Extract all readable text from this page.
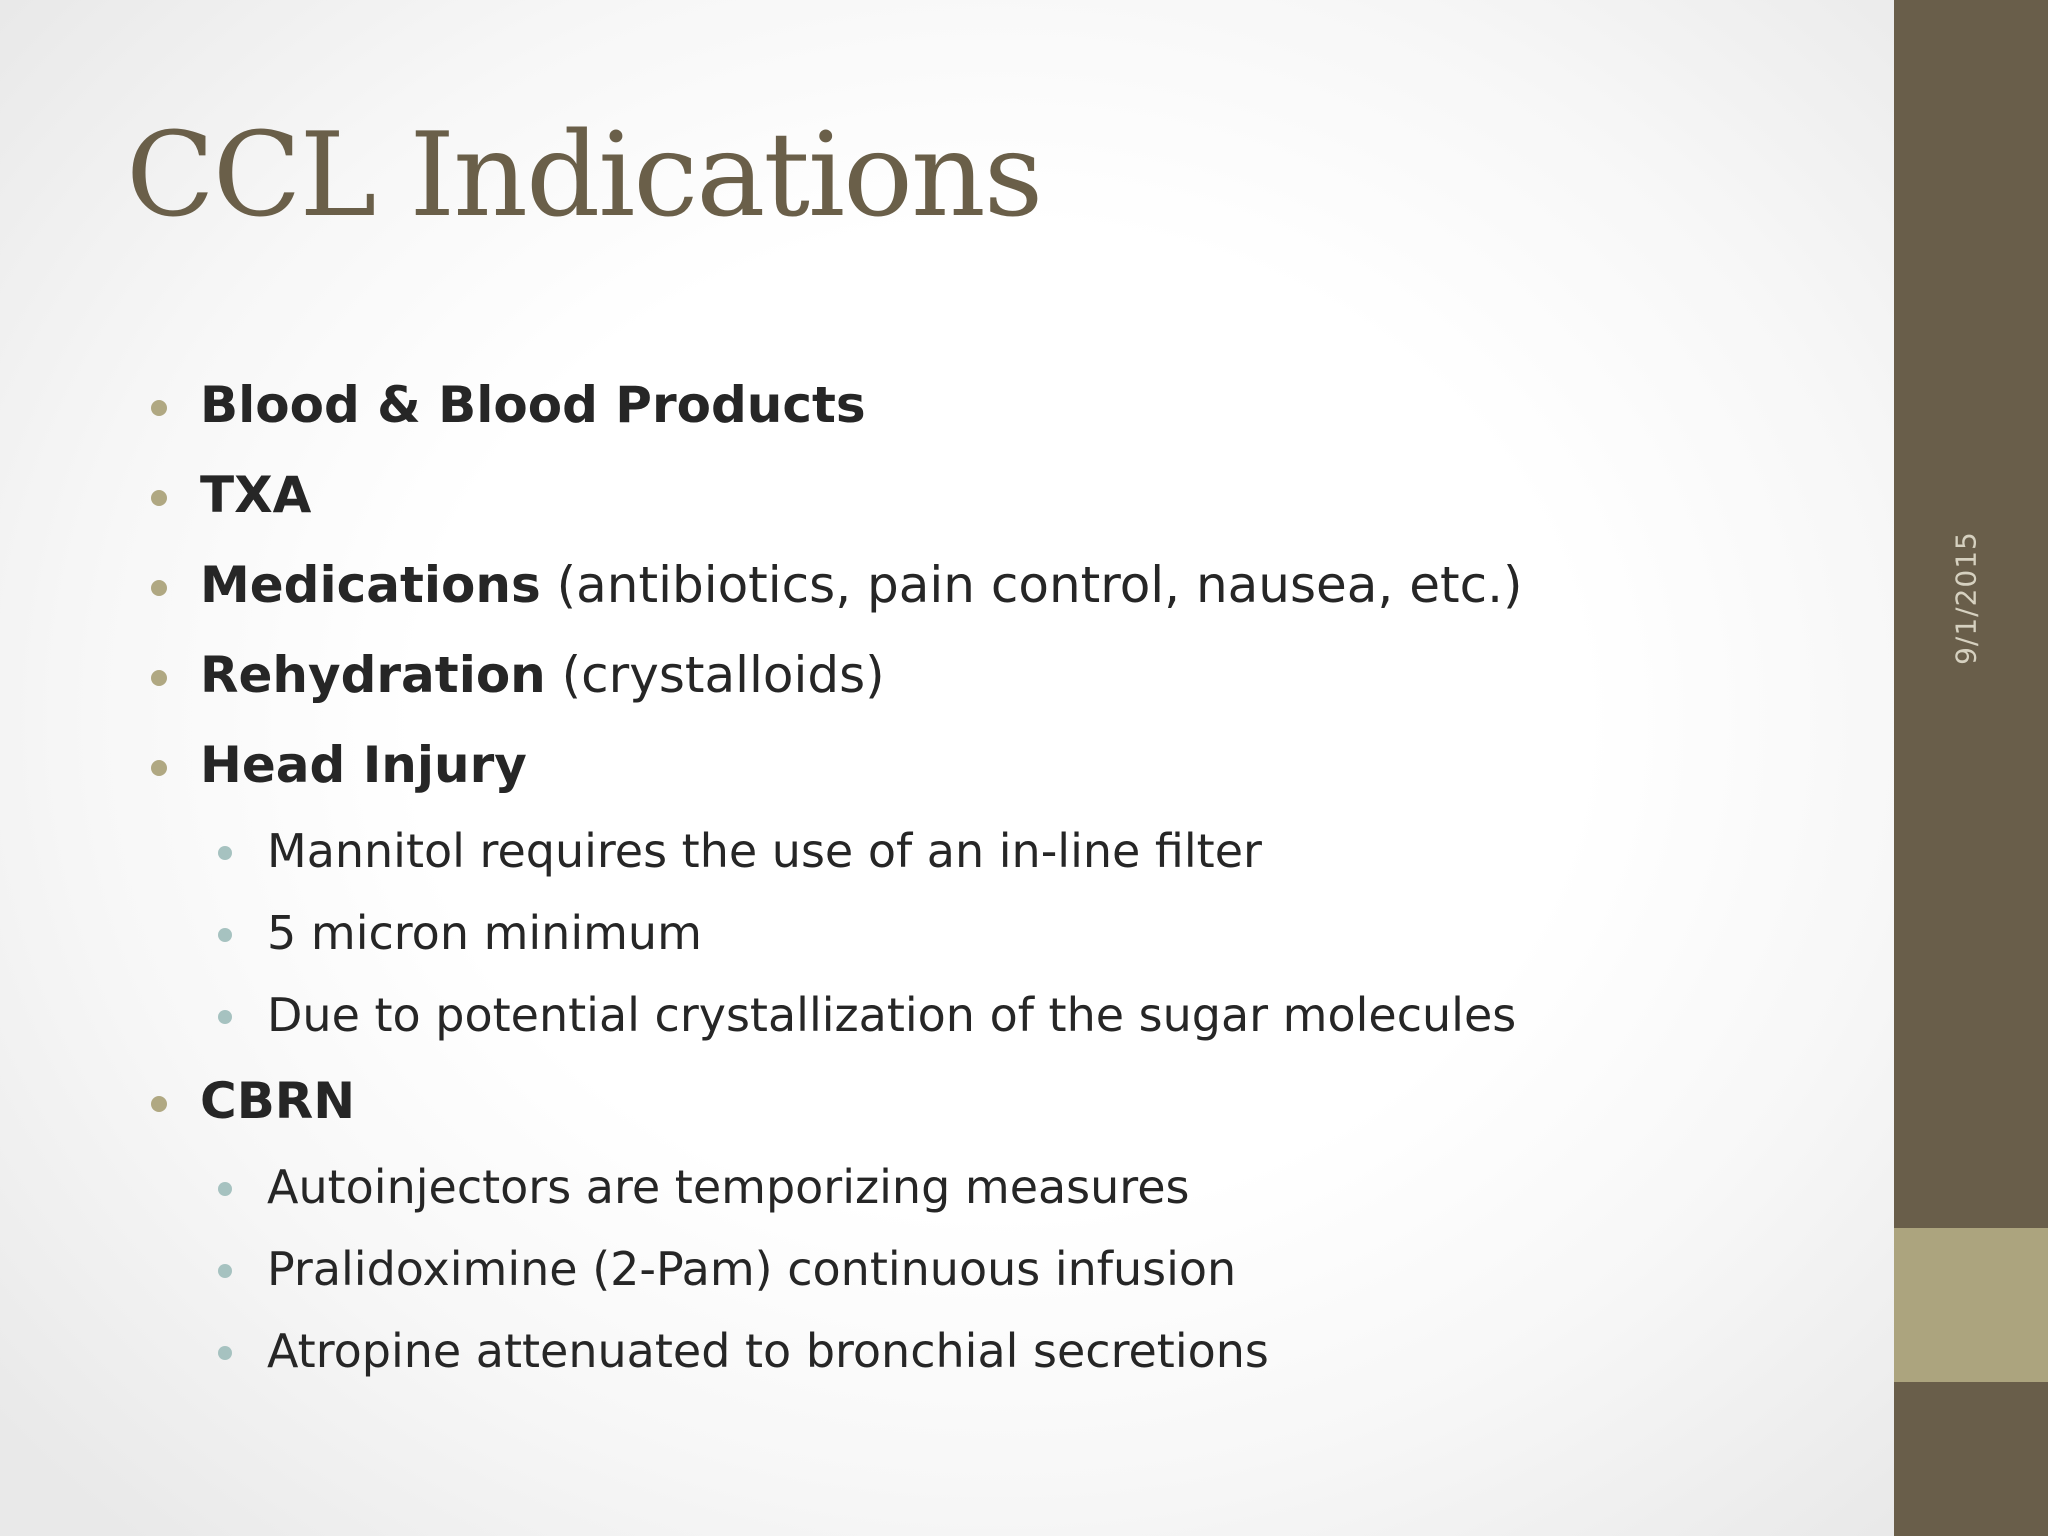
9/1/2015
CCL Indications
Blood & Blood Products
TXA
Medications (antibiotics, pain control, nausea, etc.)
Rehydration (crystalloids)
Head Injury
Mannitol requires the use of an in-line filter
5 micron minimum
Due to potential crystallization of the sugar molecules
CBRN
Autoinjectors are temporizing measures
Pralidoximine (2-Pam) continuous infusion
Atropine attenuated to bronchial secretions
